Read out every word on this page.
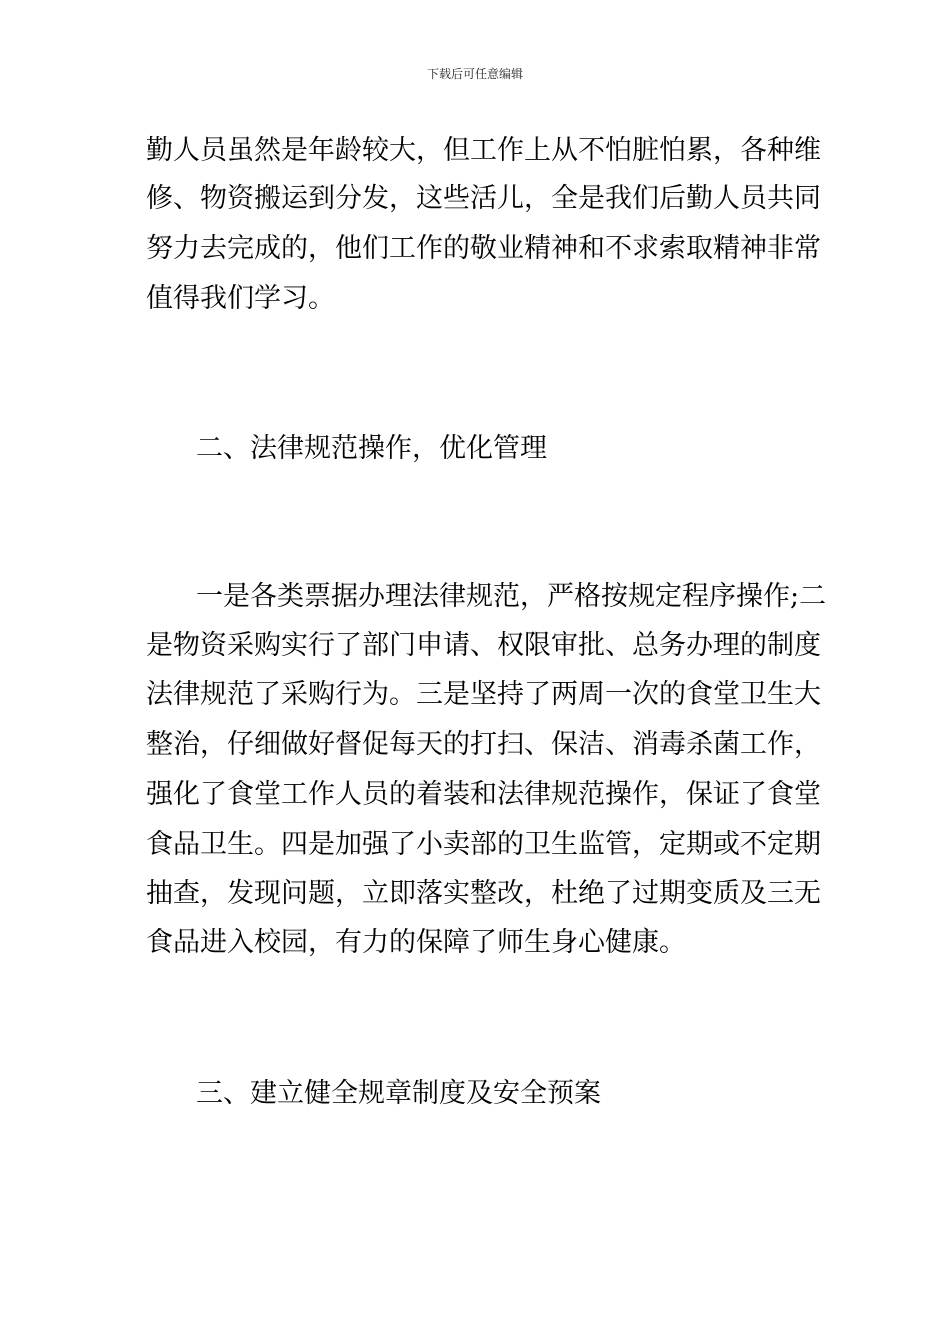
下载后可任意编辑
勤人员虽然是年龄较大，但工作上从不怕脏怕累，各种维
修、物资搬运到分发，这些活儿，全是我们后勤人员共同
努力去完成的，他们工作的敬业精神和不求索取精神非常
值得我们学习。
二、法律规范操作，优化管理
一是各类票据办理法律规范，严格按规定程序操作;二
是物资采购实行了部门申请、权限审批、总务办理的制度
法律规范了采购行为。三是坚持了两周一次的食堂卫生大
整治，仔细做好督促每天的打扫、保洁、消毒杀菌工作，
强化了食堂工作人员的着装和法律规范操作，保证了食堂
食品卫生。四是加强了小卖部的卫生监管，定期或不定期
抽查，发现问题，立即落实整改，杜绝了过期变质及三无
食品进入校园，有力的保障了师生身心健康。
三、建立健全规章制度及安全预案
